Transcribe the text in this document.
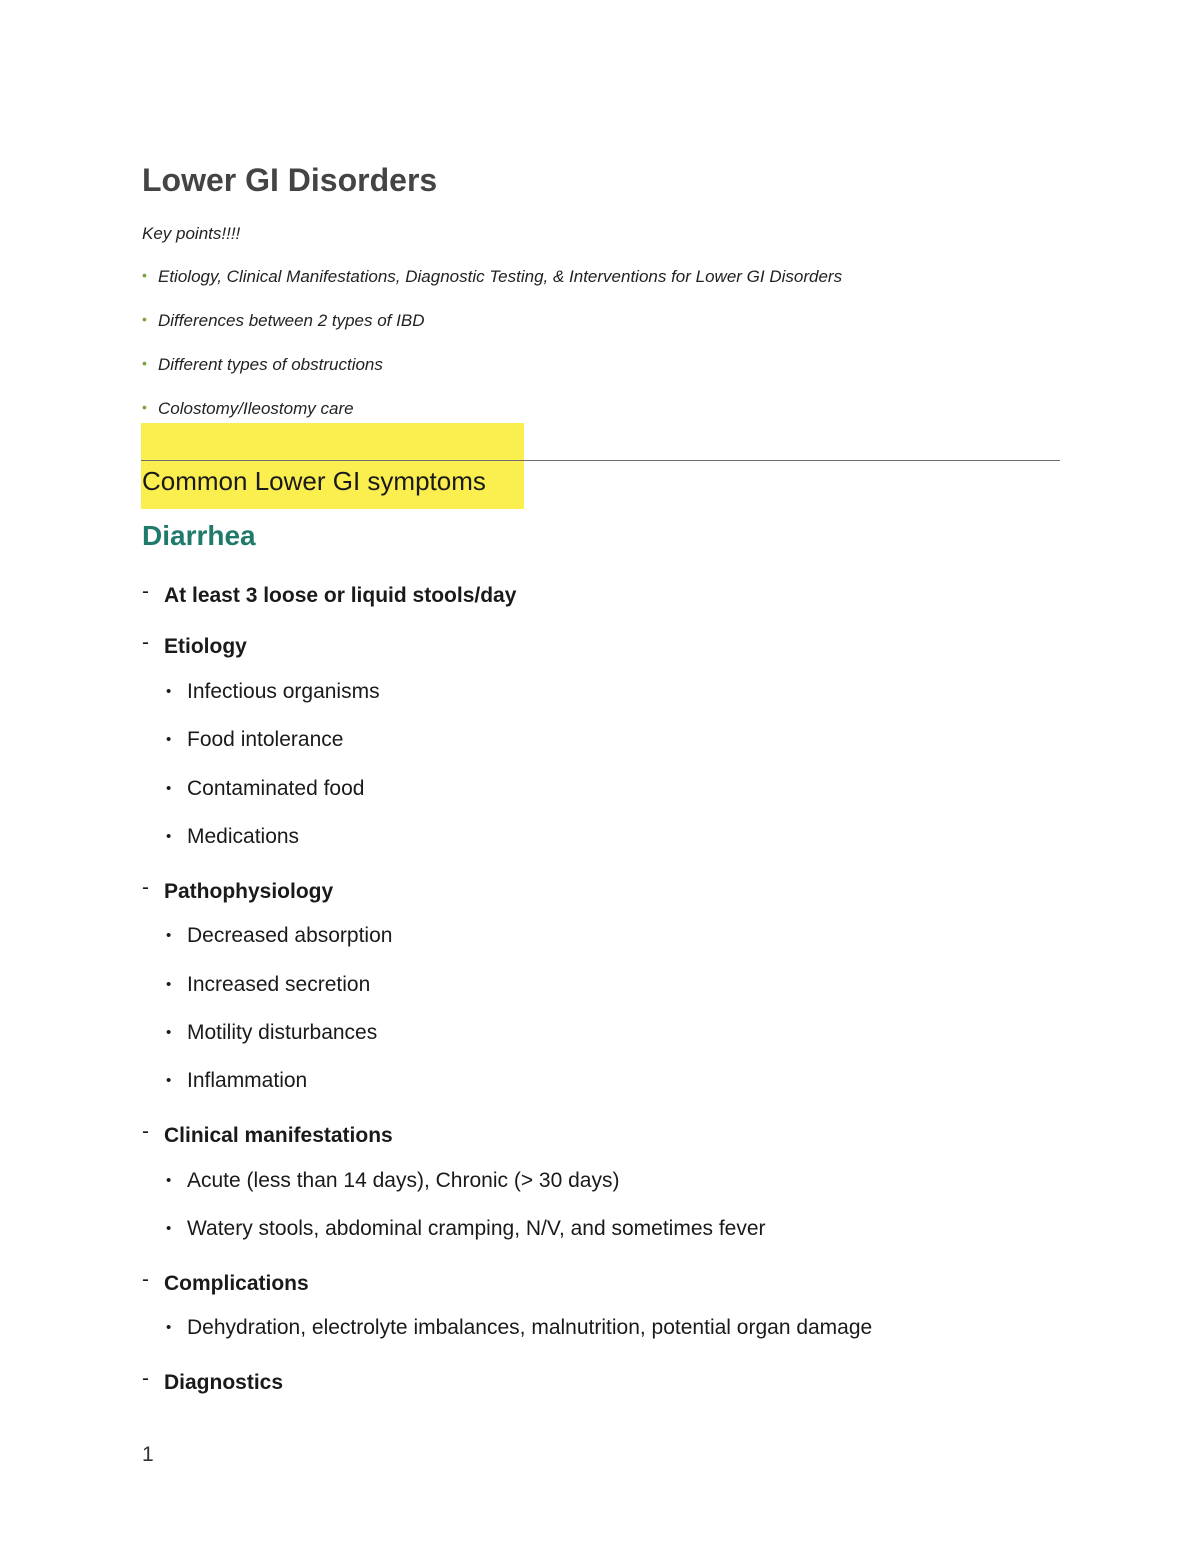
Lower GI Disorders
Key points!!!!
• Etiology, Clinical Manifestations, Diagnostic Testing, & Interventions for Lower GI Disorders
• Differences between 2 types of IBD
• Different types of obstructions
• Colostomy/Ileostomy care
Common Lower GI symptoms
Diarrhea
- At least 3 loose or liquid stools/day
- Etiology
• Infectious organisms
• Food intolerance
• Contaminated food
• Medications
- Pathophysiology
• Decreased absorption
• Increased secretion
• Motility disturbances
• Inflammation
- Clinical manifestations
• Acute (less than 14 days), Chronic (> 30 days)
• Watery stools, abdominal cramping, N/V, and sometimes fever
- Complications
• Dehydration, electrolyte imbalances, malnutrition, potential organ damage
- Diagnostics
1
